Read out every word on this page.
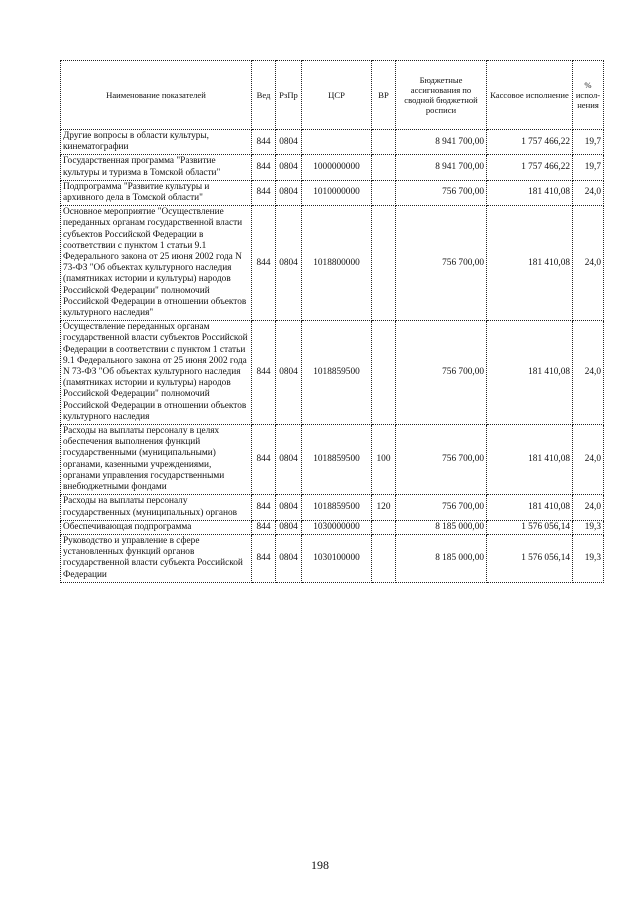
Наименование показателей	Вед	РзПр	ЦСР	ВР	Бюджетные ассигнования по сводной бюджетной росписи	Кассовое исполнение	% испол- нения
Другие вопросы в области культуры, кинематографии	844	0804			8 941 700,00	1 757 466,22	19,7
Государственная программа "Развитие культуры и туризма в Томской области"	844	0804	1000000000		8 941 700,00	1 757 466,22	19,7
Подпрограмма "Развитие культуры и архивного дела в Томской области"	844	0804	1010000000		756 700,00	181 410,08	24,0
Основное мероприятие "Осуществление переданных органам государственной власти субъектов Российской Федерации в соответствии с пунктом 1 статьи 9.1 Федерального закона от 25 июня 2002 года N 73-ФЗ "Об объектах культурного наследия (памятниках истории и культуры) народов Российской Федерации" полномочий Российской Федерации в отношении объектов культурного наследия"	844	0804	1018800000		756 700,00	181 410,08	24,0
Осуществление переданных органам государственной власти субъектов Российской Федерации в соответствии с пунктом 1 статьи 9.1 Федерального закона от 25 июня 2002 года N 73-ФЗ "Об объектах культурного наследия (памятниках истории и культуры) народов Российской Федерации" полномочий Российской Федерации в отношении объектов культурного наследия	844	0804	1018859500		756 700,00	181 410,08	24,0
Расходы на выплаты персоналу в целях обеспечения выполнения функций государственными (муниципальными) органами, казенными учреждениями, органами управления государственными внебюджетными фондами	844	0804	1018859500	100	756 700,00	181 410,08	24,0
Расходы на выплаты персоналу государственных (муниципальных) органов	844	0804	1018859500	120	756 700,00	181 410,08	24,0
Обеспечивающая подпрограмма	844	0804	1030000000		8 185 000,00	1 576 056,14	19,3
Руководство и управление в сфере установленных функций органов государственной власти субъекта Российской Федерации	844	0804	1030100000		8 185 000,00	1 576 056,14	19,3
198
